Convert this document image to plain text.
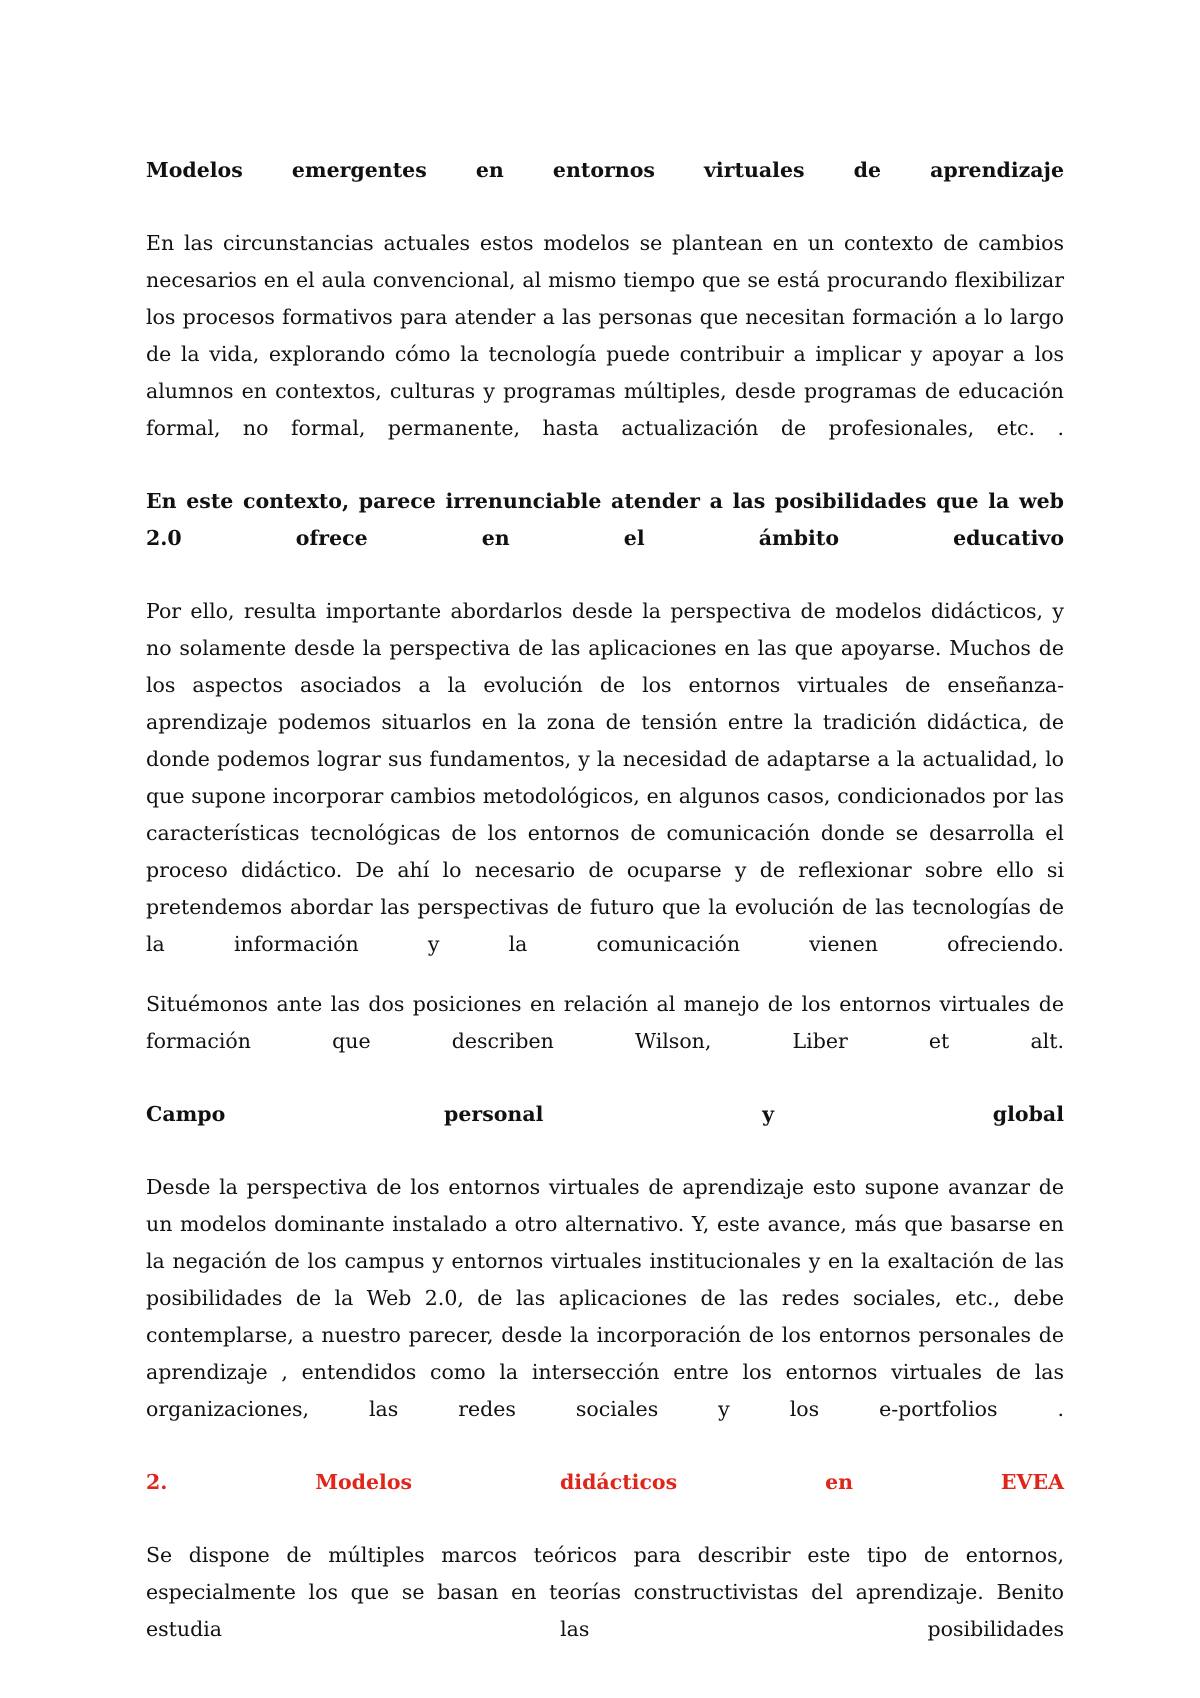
Modelos emergentes en entornos virtuales de aprendizaje

En las circunstancias actuales estos modelos se plantean en un contexto de cambios necesarios en el aula convencional, al mismo tiempo que se está procurando flexibilizar los procesos formativos para atender a las personas que necesitan formación a lo largo de la vida, explorando cómo la tecnología puede contribuir a implicar y apoyar a los alumnos en contextos, culturas y programas múltiples, desde programas de educación formal, no formal, permanente, hasta actualización de profesionales, etc. .

En este contexto, parece irrenunciable atender a las posibilidades que la web 2.0 ofrece en el ámbito educativo

Por ello, resulta importante abordarlos desde la perspectiva de modelos didácticos, y no solamente desde la perspectiva de las aplicaciones en las que apoyarse. Muchos de los aspectos asociados a la evolución de los entornos virtuales de enseñanza-aprendizaje podemos situarlos en la zona de tensión entre la tradición didáctica, de donde podemos lograr sus fundamentos, y la necesidad de adaptarse a la actualidad, lo que supone incorporar cambios metodológicos, en algunos casos, condicionados por las características tecnológicas de los entornos de comunicación donde se desarrolla el proceso didáctico. De ahí lo necesario de ocuparse y de reflexionar sobre ello si pretendemos abordar las perspectivas de futuro que la evolución de las tecnologías de la información y la comunicación vienen ofreciendo.

Situémonos ante las dos posiciones en relación al manejo de los entornos virtuales de formación que describen Wilson, Liber et alt.

Campo personal y global

Desde la perspectiva de los entornos virtuales de aprendizaje esto supone avanzar de un modelos dominante instalado a otro alternativo. Y, este avance, más que basarse en la negación de los campus y entornos virtuales institucionales y en la exaltación de las posibilidades de la Web 2.0, de las aplicaciones de las redes sociales, etc., debe contemplarse, a nuestro parecer, desde la incorporación de los entornos personales de aprendizaje , entendidos como la intersección entre los entornos virtuales de las organizaciones, las redes sociales y los e-portfolios .

2. Modelos didácticos en EVEA

Se dispone de múltiples marcos teóricos para describir este tipo de entornos, especialmente los que se basan en teorías constructivistas del aprendizaje. Benito estudia las posibilidades
